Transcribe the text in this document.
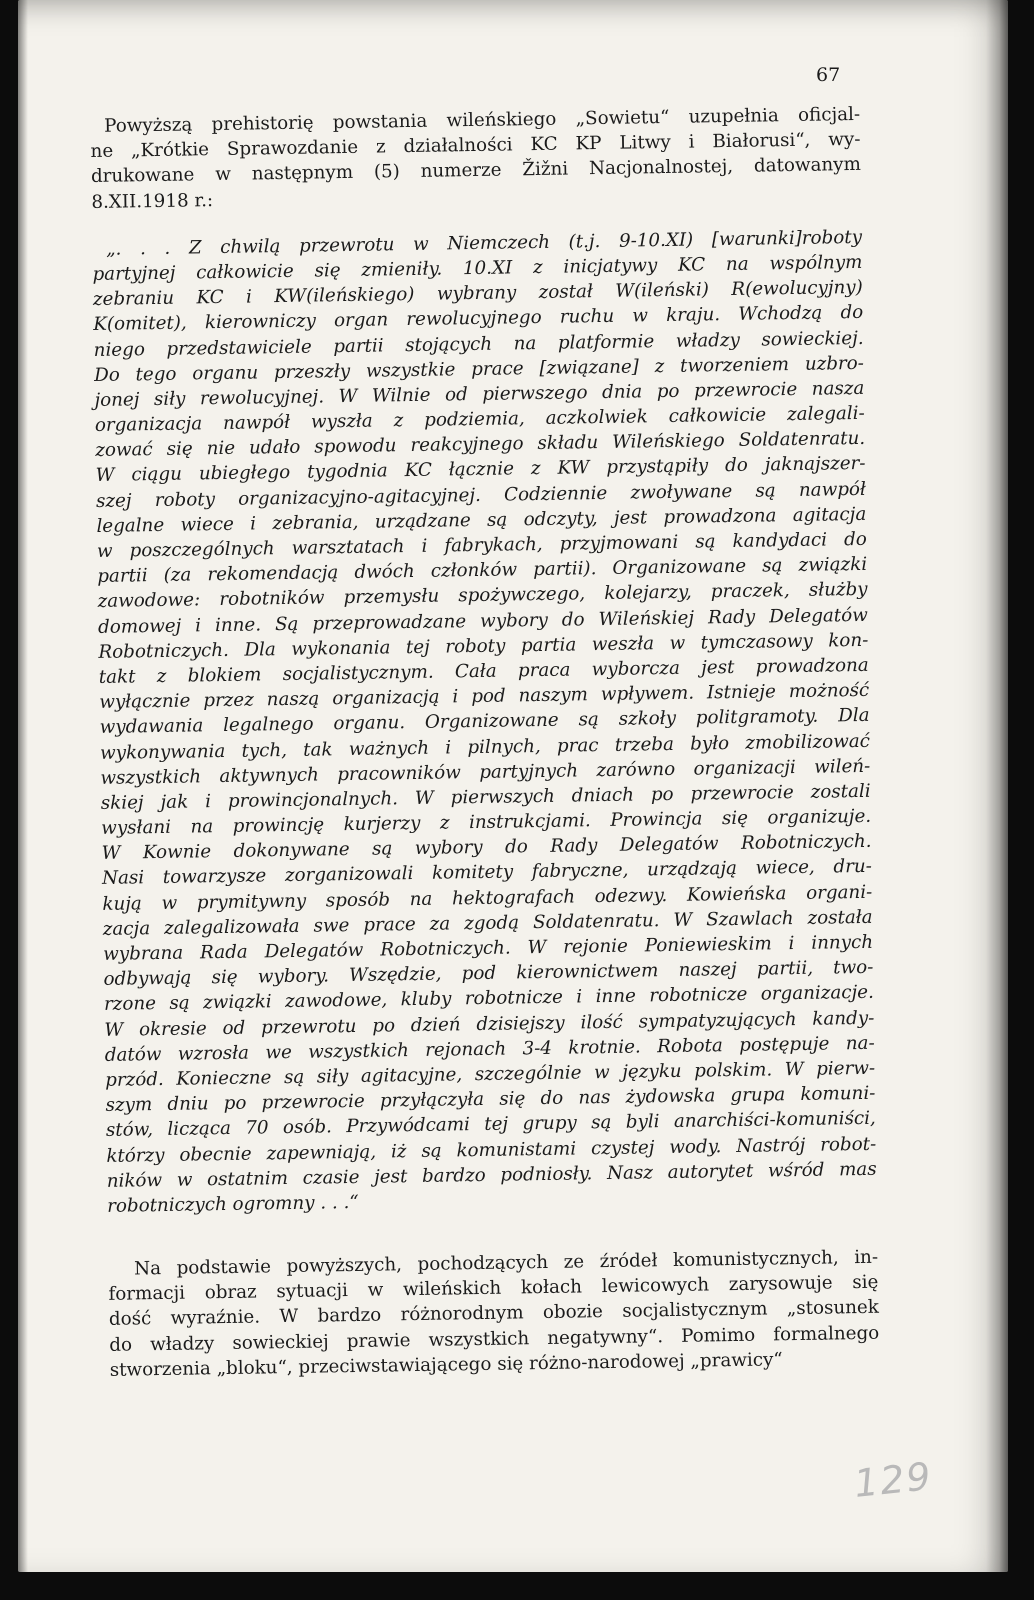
67
Powyższą prehistorię powstania wileńskiego „Sowietu“ uzupełnia oficjal-
ne „Krótkie Sprawozdanie z działalności KC KP Litwy i Białorusi“, wy-
drukowane w następnym (5) numerze Žižni Nacjonalnostej, datowanym
8.XII.1918 r.:
„. . . Z chwilą przewrotu w Niemczech (t.j. 9-10.XI) [warunki]roboty
partyjnej całkowicie się zmieniły. 10.XI z inicjatywy KC na wspólnym
zebraniu KC i KW(ileńskiego) wybrany został W(ileński) R(ewolucyjny)
K(omitet), kierowniczy organ rewolucyjnego ruchu w kraju. Wchodzą do
niego przedstawiciele partii stojących na platformie władzy sowieckiej.
Do tego organu przeszły wszystkie prace [związane] z tworzeniem uzbro-
jonej siły rewolucyjnej. W Wilnie od pierwszego dnia po przewrocie nasza
organizacja nawpół wyszła z podziemia, aczkolwiek całkowicie zalegali-
zować się nie udało spowodu reakcyjnego składu Wileńskiego Soldatenratu.
W ciągu ubiegłego tygodnia KC łącznie z KW przystąpiły do jaknajszer-
szej roboty organizacyjno-agitacyjnej. Codziennie zwoływane są nawpół
legalne wiece i zebrania, urządzane są odczyty, jest prowadzona agitacja
w poszczególnych warsztatach i fabrykach, przyjmowani są kandydaci do
partii (za rekomendacją dwóch członków partii). Organizowane są związki
zawodowe: robotników przemysłu spożywczego, kolejarzy, praczek, służby
domowej i inne. Są przeprowadzane wybory do Wileńskiej Rady Delegatów
Robotniczych. Dla wykonania tej roboty partia weszła w tymczasowy kon-
takt z blokiem socjalistycznym. Cała praca wyborcza jest prowadzona
wyłącznie przez naszą organizacją i pod naszym wpływem. Istnieje możność
wydawania legalnego organu. Organizowane są szkoły politgramoty. Dla
wykonywania tych, tak ważnych i pilnych, prac trzeba było zmobilizować
wszystkich aktywnych pracowników partyjnych zarówno organizacji wileń-
skiej jak i prowincjonalnych. W pierwszych dniach po przewrocie zostali
wysłani na prowincję kurjerzy z instrukcjami. Prowincja się organizuje.
W Kownie dokonywane są wybory do Rady Delegatów Robotniczych.
Nasi towarzysze zorganizowali komitety fabryczne, urządzają wiece, dru-
kują w prymitywny sposób na hektografach odezwy. Kowieńska organi-
zacja zalegalizowała swe prace za zgodą Soldatenratu. W Szawlach została
wybrana Rada Delegatów Robotniczych. W rejonie Poniewieskim i innych
odbywają się wybory. Wszędzie, pod kierownictwem naszej partii, two-
rzone są związki zawodowe, kluby robotnicze i inne robotnicze organizacje.
W okresie od przewrotu po dzień dzisiejszy ilość sympatyzujących kandy-
datów wzrosła we wszystkich rejonach 3-4 krotnie. Robota postępuje na-
przód. Konieczne są siły agitacyjne, szczególnie w języku polskim. W pierw-
szym dniu po przewrocie przyłączyła się do nas żydowska grupa komuni-
stów, licząca 70 osób. Przywódcami tej grupy są byli anarchiści-komuniści,
którzy obecnie zapewniają, iż są komunistami czystej wody. Nastrój robot-
ników w ostatnim czasie jest bardzo podniosły. Nasz autorytet wśród mas
robotniczych ogromny . . .“
Na podstawie powyższych, pochodzących ze źródeł komunistycznych, in-
formacji obraz sytuacji w wileńskich kołach lewicowych zarysowuje się
dość wyraźnie. W bardzo różnorodnym obozie socjalistycznym „stosunek
do władzy sowieckiej prawie wszystkich negatywny“. Pomimo formalnego
stworzenia „bloku“, przeciwstawiającego się różno-narodowej „prawicy“
129
